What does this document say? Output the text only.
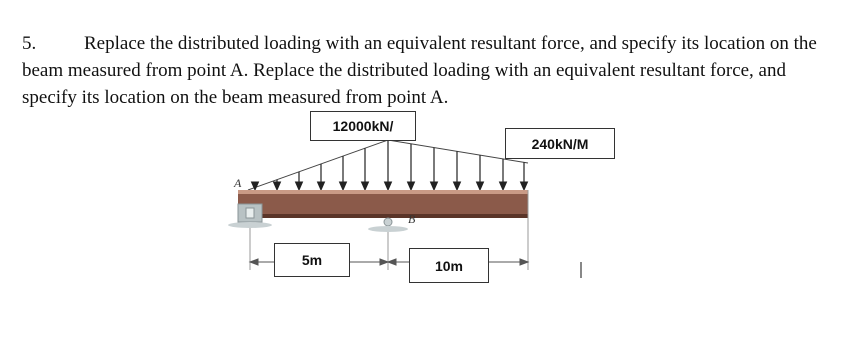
5.	Replace the distributed loading with an equivalent resultant force, and specify its location on the beam measured from point A. Replace the distributed loading with an equivalent resultant force, and specify its location on the beam measured from point A.
A
B
12000kN/
240kN/M
5m	10m
